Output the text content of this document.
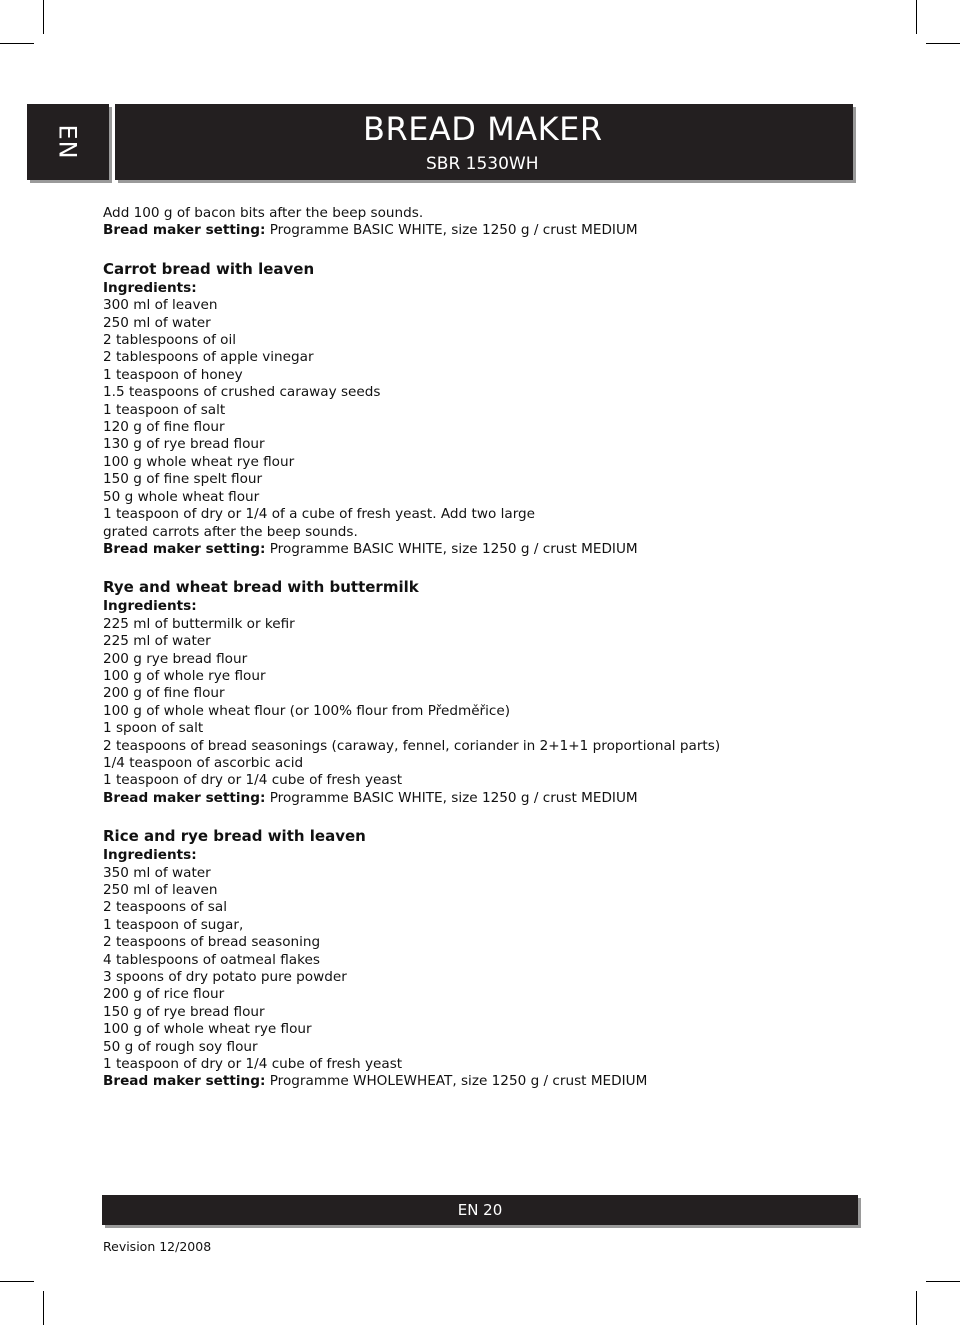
EN	BREAD MAKER
SBR 1530WH
Add 100 g of bacon bits after the beep sounds.
Bread maker setting: Programme BASIC WHITE, size 1250 g / crust MEDIUM
Carrot bread with leaven
Ingredients:
300 ml of leaven
250 ml of water
2 tablespoons of oil
2 tablespoons of apple vinegar
1 teaspoon of honey
1.5 teaspoons of crushed caraway seeds
1 teaspoon of salt
120 g of fine flour
130 g of rye bread flour
100 g whole wheat rye flour
150 g of fine spelt flour
50 g whole wheat flour
1 teaspoon of dry or 1/4 of a cube of fresh yeast. Add two large
grated carrots after the beep sounds.
Bread maker setting: Programme BASIC WHITE, size 1250 g / crust MEDIUM
Rye and wheat bread with buttermilk
Ingredients:
225 ml of buttermilk or kefir
225 ml of water
200 g rye bread flour
100 g of whole rye flour
200 g of fine flour
100 g of whole wheat flour (or 100% flour from Předměřice)
1 spoon of salt
2 teaspoons of bread seasonings (caraway, fennel, coriander in 2+1+1 proportional parts)
1/4 teaspoon of ascorbic acid
1 teaspoon of dry or 1/4 cube of fresh yeast
Bread maker setting: Programme BASIC WHITE, size 1250 g / crust MEDIUM
Rice and rye bread with leaven
Ingredients:
350 ml of water
250 ml of leaven
2 teaspoons of sal
1 teaspoon of sugar,
2 teaspoons of bread seasoning
4 tablespoons of oatmeal flakes
3 spoons of dry potato pure powder
200 g of rice flour
150 g of rye bread flour
100 g of whole wheat rye flour
50 g of rough soy flour
1 teaspoon of dry or 1/4 cube of fresh yeast
Bread maker setting: Programme WHOLEWHEAT, size 1250 g / crust MEDIUM
EN 20
Revision 12/2008
